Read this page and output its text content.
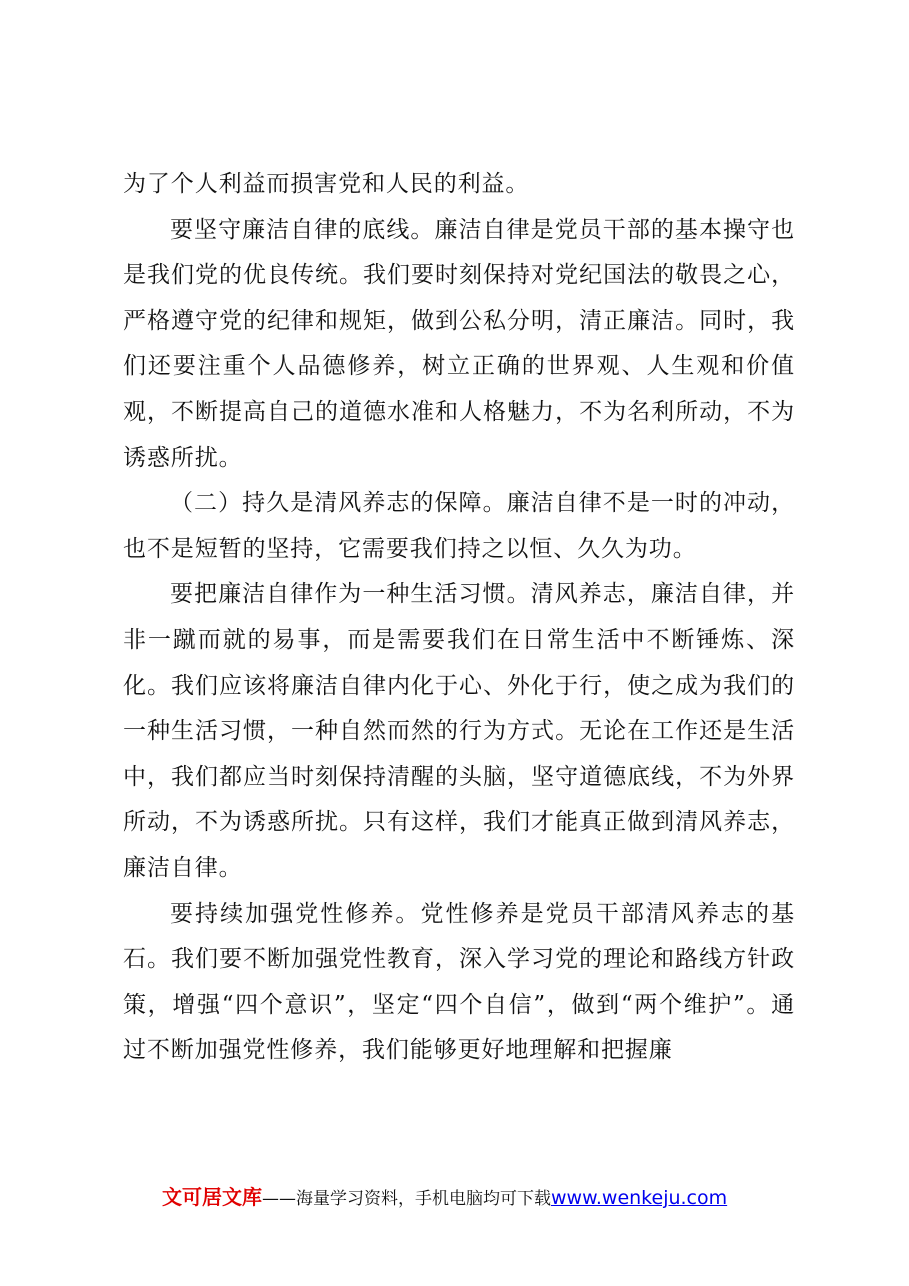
为了个人利益而损害党和人民的利益。

要坚守廉洁自律的底线。廉洁自律是党员干部的基本操守也是我们党的优良传统。我们要时刻保持对党纪国法的敬畏之心，严格遵守党的纪律和规矩，做到公私分明，清正廉洁。同时，我们还要注重个人品德修养，树立正确的世界观、人生观和价值观，不断提高自己的道德水准和人格魅力，不为名利所动，不为诱惑所扰。

（二）持久是清风养志的保障。廉洁自律不是一时的冲动，也不是短暂的坚持，它需要我们持之以恒、久久为功。

要把廉洁自律作为一种生活习惯。清风养志，廉洁自律，并非一蹴而就的易事，而是需要我们在日常生活中不断锤炼、深化。我们应该将廉洁自律内化于心、外化于行，使之成为我们的一种生活习惯，一种自然而然的行为方式。无论在工作还是生活中，我们都应当时刻保持清醒的头脑，坚守道德底线，不为外界所动，不为诱惑所扰。只有这样，我们才能真正做到清风养志，廉洁自律。

要持续加强党性修养。党性修养是党员干部清风养志的基石。我们要不断加强党性教育，深入学习党的理论和路线方针政策，增强“四个意识”，坚定“四个自信”，做到“两个维护”。通过不断加强党性修养，我们能够更好地理解和把握廉

文可居文库——海量学习资料，手机电脑均可下载www.wenkeju.com
